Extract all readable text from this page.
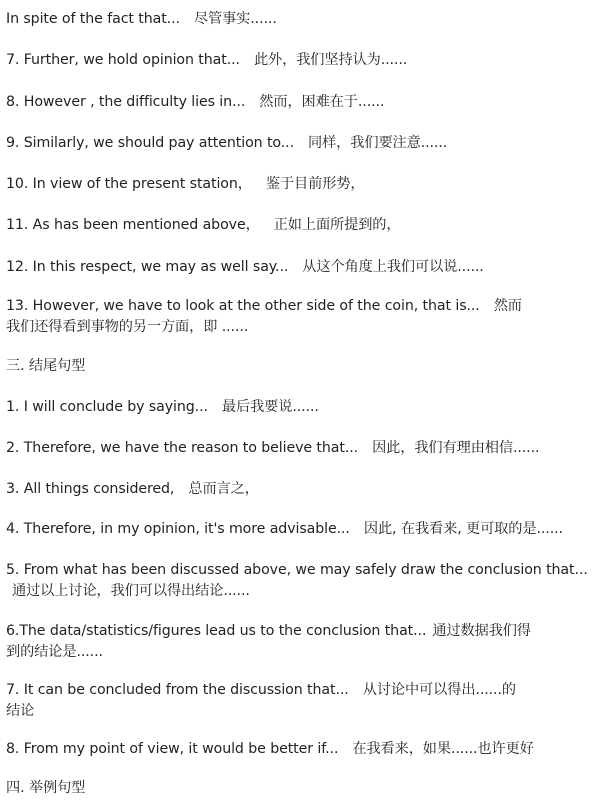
In spite of the fact that... 尽管事实......
7. Further, we hold opinion that... 此外，我们坚持认为......
8. However , the difficulty lies in... 然而，困难在于......
9. Similarly, we should pay attention to... 同样，我们要注意......
10. In view of the present station， 鉴于目前形势，
11. As has been mentioned above， 正如上面所提到的，
12. In this respect, we may as well say... 从这个角度上我们可以说......
13. However, we have to look at the other side of the coin, that is... 然而我们还得看到事物的另一方面，即 ......
三. 结尾句型
1. I will conclude by saying... 最后我要说......
2. Therefore, we have the reason to believe that... 因此，我们有理由相信......
3. All things considered, 总而言之，
4. Therefore, in my opinion, it's more advisable... 因此, 在我看来, 更可取的是......
5. From what has been discussed above, we may safely draw the conclusion that...通过以上讨论，我们可以得出结论......
6.The data/statistics/figures lead us to the conclusion that... 通过数据我们得到的结论是......
7. It can be concluded from the discussion that... 从讨论中可以得出......的结论
8. From my point of view, it would be better if... 在我看来，如果......也许更好
四. 举例句型
